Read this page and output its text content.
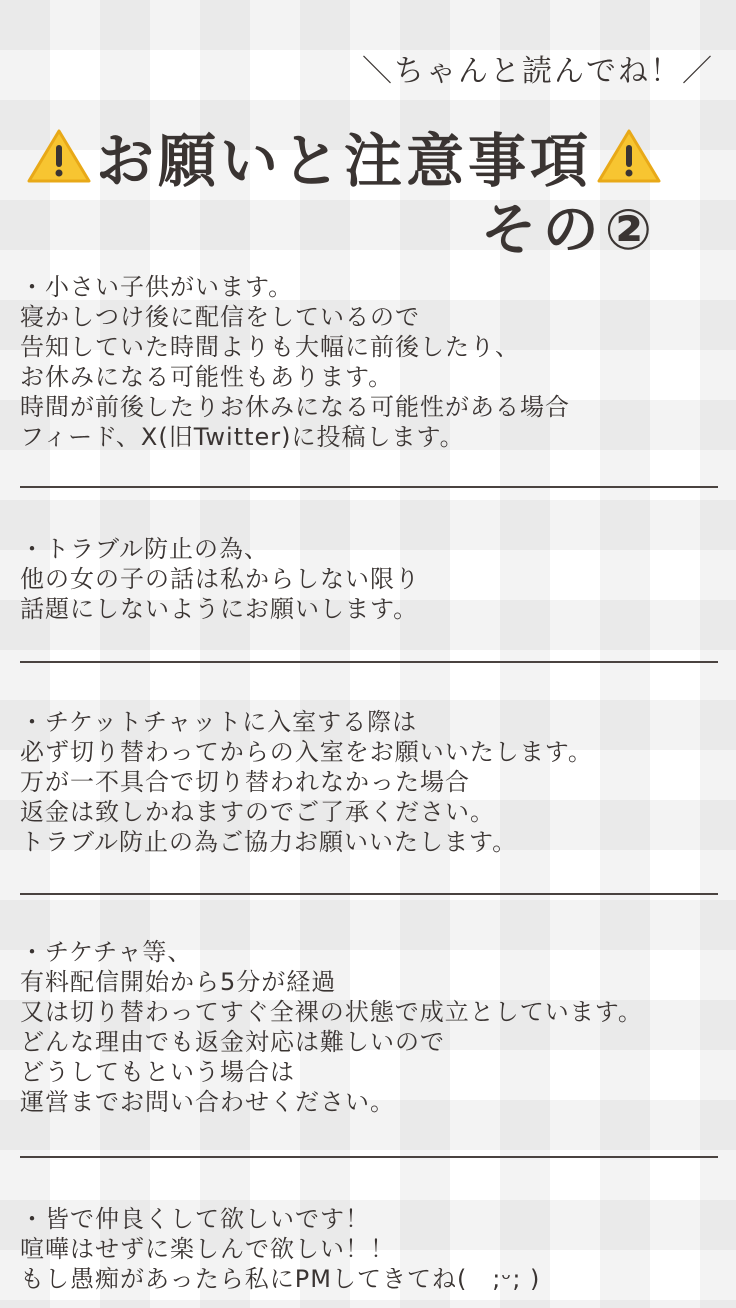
＼ちゃんと読んでね！／
お願いと注意事項
その②
・小さい子供がいます。
寝かしつけ後に配信をしているので
告知していた時間よりも大幅に前後したり、
お休みになる可能性もあります。
時間が前後したりお休みになる可能性がある場合
フィード、X(旧Twitter)に投稿します。
・トラブル防止の為、
他の女の子の話は私からしない限り
話題にしないようにお願いします。
・チケットチャットに入室する際は
必ず切り替わってからの入室をお願いいたします。
万が一不具合で切り替われなかった場合
返金は致しかねますのでご了承ください。
トラブル防止の為ご協力お願いいたします。
・チケチャ等、
有料配信開始から5分が経過
又は切り替わってすぐ全裸の状態で成立としています。
どんな理由でも返金対応は難しいので
どうしてもという場合は
運営までお問い合わせください。
・皆で仲良くして欲しいです！
喧嘩はせずに楽しんで欲しい！！
もし愚痴があったら私にPMしてきてね(　;ᵕ; )
